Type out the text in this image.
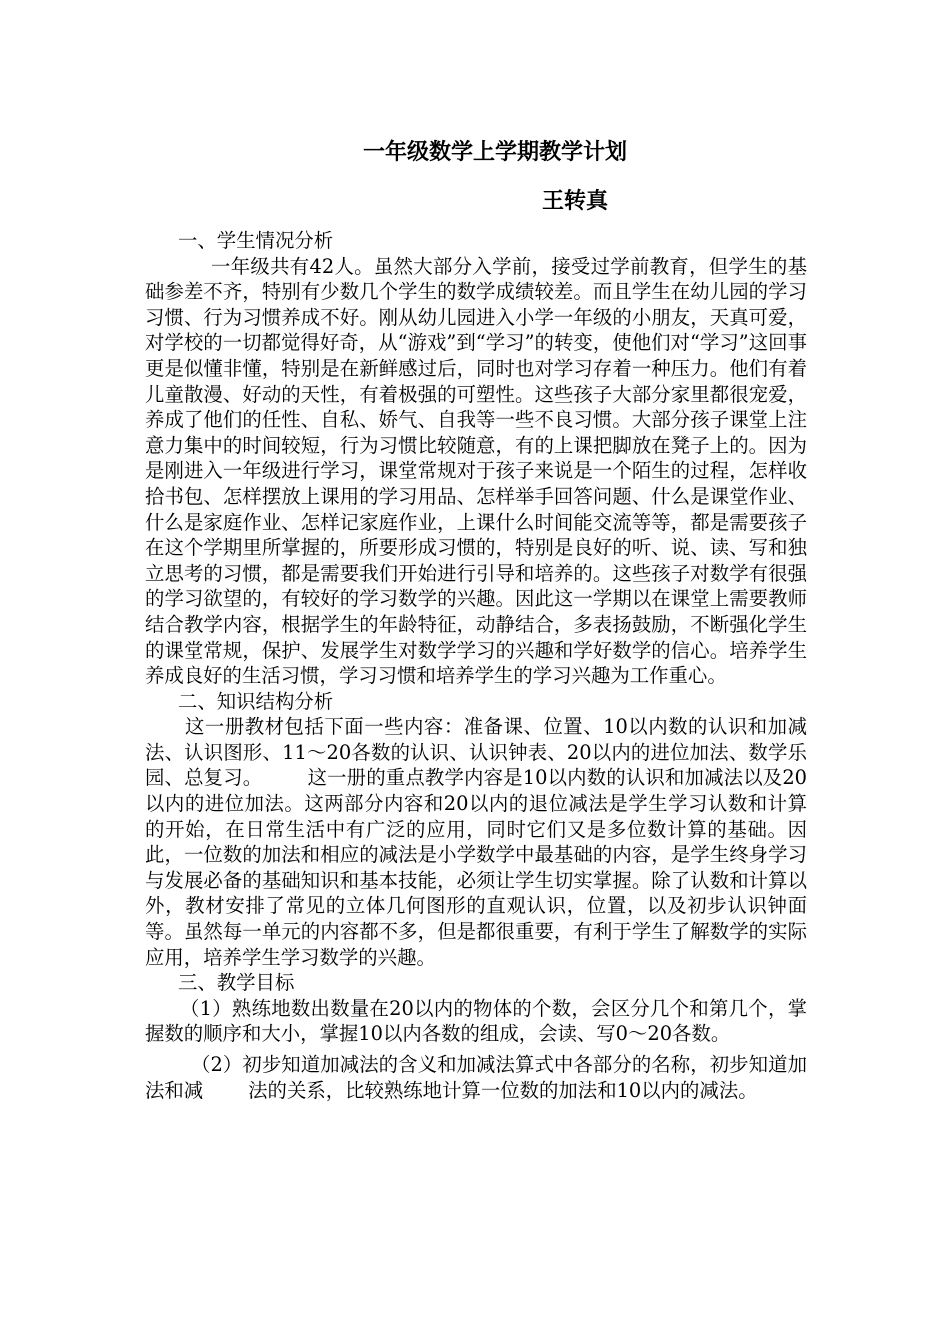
一年级数学上学期教学计划
王转真

一、学生情况分析

一年级共有42人。虽然大部分入学前，接受过学前教育，但学生的基础参差不齐，特别有少数几个学生的数学成绩较差。而且学生在幼儿园的学习习惯、行为习惯养成不好。刚从幼儿园进入小学一年级的小朋友，天真可爱，对学校的一切都觉得好奇，从“游戏”到“学习”的转变，使他们对“学习”这回事更是似懂非懂，特别是在新鲜感过后，同时也对学习存着一种压力。他们有着儿童散漫、好动的天性，有着极强的可塑性。这些孩子大部分家里都很宠爱，养成了他们的任性、自私、娇气、自我等一些不良习惯。大部分孩子课堂上注意力集中的时间较短，行为习惯比较随意，有的上课把脚放在凳子上的。因为是刚进入一年级进行学习，课堂常规对于孩子来说是一个陌生的过程，怎样收拾书包、怎样摆放上课用的学习用品、怎样举手回答问题、什么是课堂作业、什么是家庭作业、怎样记家庭作业，上课什么时间能交流等等，都是需要孩子在这个学期里所掌握的，所要形成习惯的，特别是良好的听、说、读、写和独立思考的习惯，都是需要我们开始进行引导和培养的。这些孩子对数学有很强的学习欲望的，有较好的学习数学的兴趣。因此这一学期以在课堂上需要教师结合教学内容，根据学生的年龄特征，动静结合，多表扬鼓励，不断强化学生的课堂常规，保护、发展学生对数学学习的兴趣和学好数学的信心。培养学生养成良好的生活习惯，学习习惯和培养学生的学习兴趣为工作重心。

二、知识结构分析

这一册教材包括下面一些内容：准备课、位置、10以内数的认识和加减法、认识图形、11～20各数的认识、认识钟表、20以内的进位加法、数学乐园、总复习。 这一册的重点教学内容是10以内数的认识和加减法以及20以内的进位加法。这两部分内容和20以内的退位减法是学生学习认数和计算的开始，在日常生活中有广泛的应用，同时它们又是多位数计算的基础。因此，一位数的加法和相应的减法是小学数学中最基础的内容，是学生终身学习与发展必备的基础知识和基本技能，必须让学生切实掌握。除了认数和计算以外，教材安排了常见的立体几何图形的直观认识，位置，以及初步认识钟面等。虽然每一单元的内容都不多，但是都很重要，有利于学生了解数学的实际应用，培养学生学习数学的兴趣。

三、教学目标

（1）熟练地数出数量在20以内的物体的个数，会区分几个和第几个，掌握数的顺序和大小，掌握10以内各数的组成，会读、写0～20各数。

（2）初步知道加减法的含义和加减法算式中各部分的名称，初步知道加法和减 法的关系，比较熟练地计算一位数的加法和10以内的减法。
